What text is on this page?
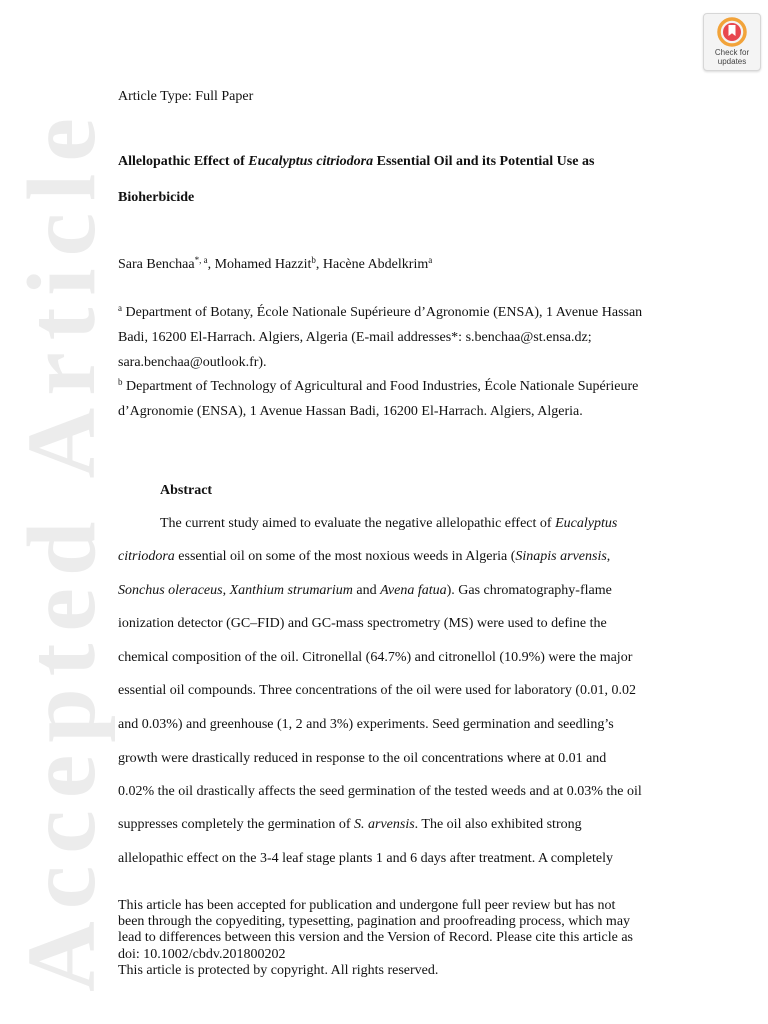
Accepted Article
Check for
updates
Article Type: Full Paper
Allelopathic Effect of Eucalyptus citriodora Essential Oil and its Potential Use as
Bioherbicide
Sara Benchaa$^{*, a}$, Mohamed Hazzit$^b$, Hacène Abdelkrim$^a$
$^a$ Department of Botany, École Nationale Supérieure d’Agronomie (ENSA), 1 Avenue Hassan
Badi, 16200 El-Harrach. Algiers, Algeria (E-mail addresses*: s.benchaa@st.ensa.dz;
sara.benchaa@outlook.fr).
$^b$ Department of Technology of Agricultural and Food Industries, École Nationale Supérieure
d’Agronomie (ENSA), 1 Avenue Hassan Badi, 16200 El-Harrach. Algiers, Algeria.
Abstract
The current study aimed to evaluate the negative allelopathic effect of Eucalyptus
citriodora essential oil on some of the most noxious weeds in Algeria (Sinapis arvensis,
Sonchus oleraceus, Xanthium strumarium and Avena fatua). Gas chromatography-flame
ionization detector (GC–FID) and GC-mass spectrometry (MS) were used to define the
chemical composition of the oil. Citronellal (64.7%) and citronellol (10.9%) were the major
essential oil compounds. Three concentrations of the oil were used for laboratory (0.01, 0.02
and 0.03%) and greenhouse (1, 2 and 3%) experiments. Seed germination and seedling’s
growth were drastically reduced in response to the oil concentrations where at 0.01 and
0.02% the oil drastically affects the seed germination of the tested weeds and at 0.03% the oil
suppresses completely the germination of S. arvensis. The oil also exhibited strong
allelopathic effect on the 3-4 leaf stage plants 1 and 6 days after treatment. A completely
This article has been accepted for publication and undergone full peer review but has not
been through the copyediting, typesetting, pagination and proofreading process, which may
lead to differences between this version and the Version of Record. Please cite this article as
doi: 10.1002/cbdv.201800202
This article is protected by copyright. All rights reserved.
